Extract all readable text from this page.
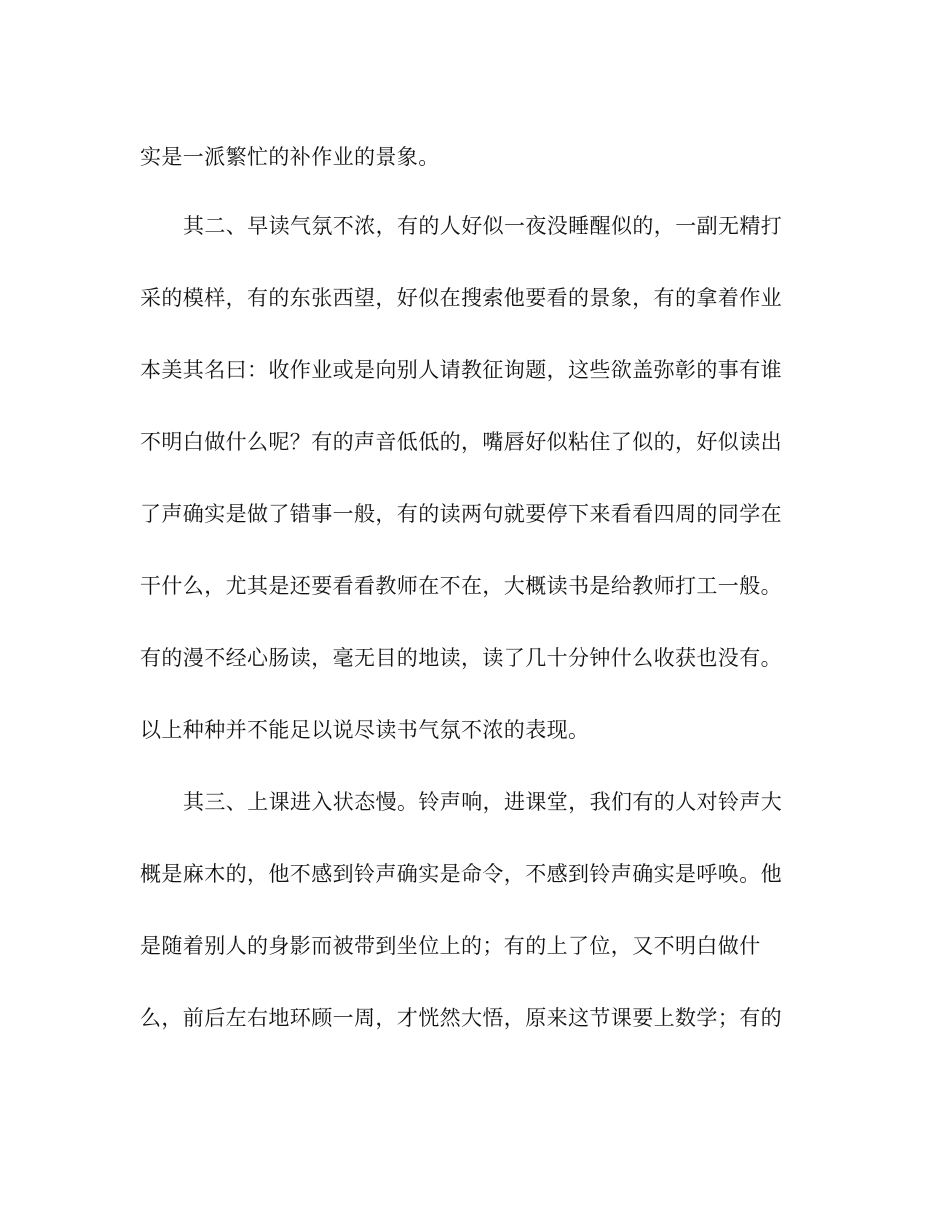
实是一派繁忙的补作业的景象。
其二、早读气氛不浓，有的人好似一夜没睡醒似的，一副无精打
采的模样，有的东张西望，好似在搜索他要看的景象，有的拿着作业
本美其名曰：收作业或是向别人请教征询题，这些欲盖弥彰的事有谁
不明白做什么呢？有的声音低低的，嘴唇好似粘住了似的，好似读出
了声确实是做了错事一般，有的读两句就要停下来看看四周的同学在
干什么，尤其是还要看看教师在不在，大概读书是给教师打工一般。
有的漫不经心肠读，毫无目的地读，读了几十分钟什么收获也没有。
以上种种并不能足以说尽读书气氛不浓的表现。
其三、上课进入状态慢。铃声响，进课堂，我们有的人对铃声大
概是麻木的，他不感到铃声确实是命令，不感到铃声确实是呼唤。他
是随着别人的身影而被带到坐位上的；有的上了位，又不明白做什
么，前后左右地环顾一周，才恍然大悟，原来这节课要上数学；有的
